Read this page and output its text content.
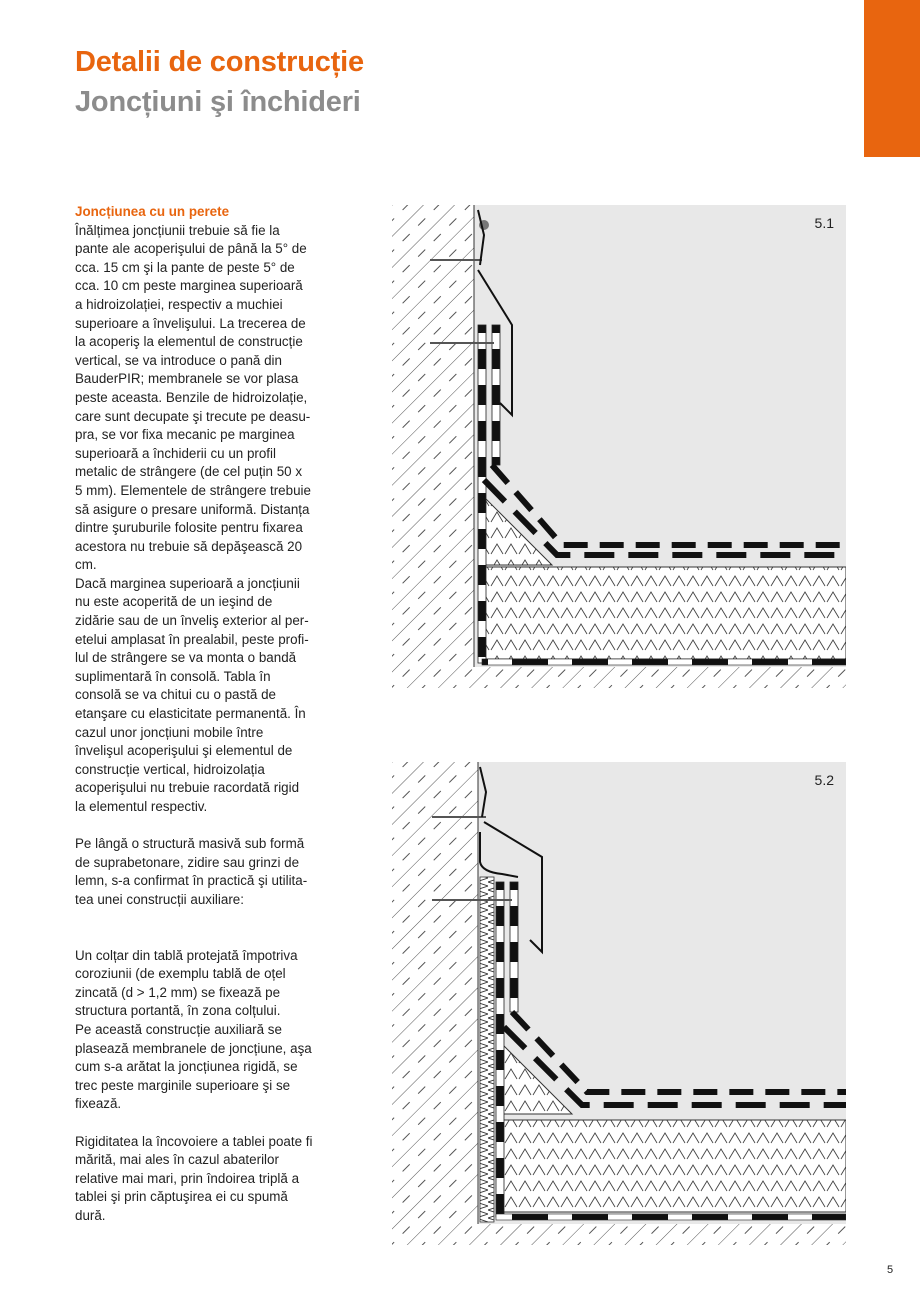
Detalii de construcție
Joncțiuni şi închideri
Joncțiunea cu un perete
Înălțimea joncțiunii trebuie să fie la
pante ale acoperişului de până la 5° de
cca. 15 cm şi la pante de peste 5° de
cca. 10 cm peste marginea superioară
a hidroizolației, respectiv a muchiei
superioare a învelişului. La trecerea de
la acoperiş la elementul de construcție
vertical, se va introduce o pană din
BauderPIR; membranele se vor plasa
peste aceasta. Benzile de hidroizolație,
care sunt decupate şi trecute pe deasu-
pra, se vor fixa mecanic pe marginea
superioară a închiderii cu un profil
metalic de strângere (de cel puțin 50 x
5 mm). Elementele de strângere trebuie
să asigure o presare uniformă. Distanța
dintre şuruburile folosite pentru fixarea
acestora nu trebuie să depăşească 20
cm.
Dacă marginea superioară a joncțiunii
nu este acoperită de un ieşind de
zidărie sau de un înveliş exterior al per-
etelui amplasat în prealabil, peste profi-
lul de strângere se va monta o bandă
suplimentară în consolă. Tabla în
consolă se va chitui cu o pastă de
etanşare cu elasticitate permanentă. În
cazul unor joncțiuni mobile între
învelişul acoperişului şi elementul de
construcție vertical, hidroizolația
acoperişului nu trebuie racordată rigid
la elementul respectiv.
Pe lângă o structură masivă sub formă
de suprabetonare, zidire sau grinzi de
lemn, s-a confirmat în practică şi utilita-
tea unei construcții auxiliare:
Un colțar din tablă protejată împotriva
coroziunii (de exemplu tablă de oțel
zincată (d > 1,2 mm) se fixează pe
structura portantă, în zona colțului.
Pe această construcție auxiliară se
plasează membranele de joncțiune, aşa
cum s-a arătat la joncțiunea rigidă, se
trec peste marginile superioare şi se
fixează.
Rigiditatea la încovoiere a tablei poate fi
mărită, mai ales în cazul abaterilor
relative mai mari, prin îndoirea triplă a
tablei şi prin căptuşirea ei cu spumă
dură.
5.1
5.2
5
